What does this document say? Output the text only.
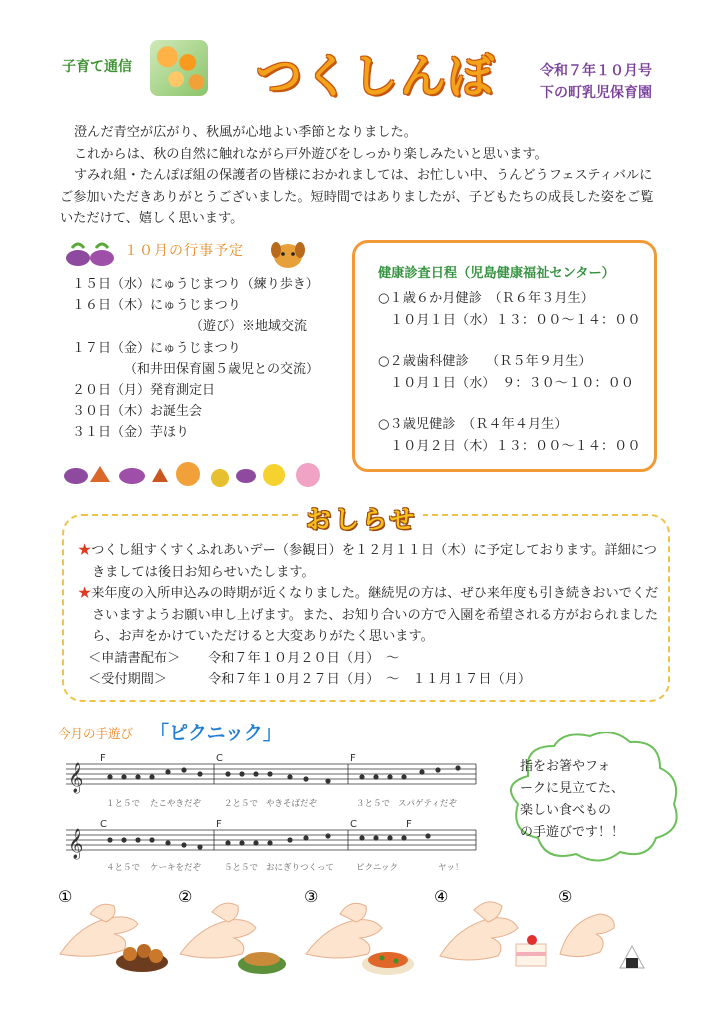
子育て通信	つくしんぼ	令和７年１０月号
下の町乳児保育園

澄んだ青空が広がり、秋風が心地よい季節となりました。

これからは、秋の自然に触れながら戸外遊びをしっかり楽しみたいと思います。

すみれ組・たんぽぽ組の保護者の皆様におかれましては、お忙しい中、うんどうフェスティバルに

ご参加いただきありがとうございました。短時間ではありましたが、子どもたちの成長した姿をご覧

いただけて、嬉しく思います。

１０月の行事予定
１５日（水）にゅうじまつり（練り歩き）
１６日（木）にゅうじまつり
（遊び）※地域交流
１７日（金）にゅうじまつり
（和井田保育園５歳児との交流）
２０日（月）発育測定日
３０日（木）お誕生会
３１日（金）芋ほり
健康診査日程（児島健康福祉センター）
○１歳６か月健診　（Ｒ６年３月生）
１０月１日（水）１３：００～１４：００
○２歳歯科健診　 （Ｒ５年９月生）
１０月１日（水）　９：３０～１０：００
○３歳児健診　（Ｒ４年４月生）
１０月２日（木）１３：００～１４：００
おしらせ

★つくし組すくすくふれあいデー（参観日）を１２月１１日（木）に予定しております。詳細につきましては後日お知らせいたします。

★来年度の入所申込みの時期が近くなりました。継続児の方は、ぜひ来年度も引き続きおいでくださいますようお願い申し上げます。また、お知り合いの方で入園を希望される方がおられましたら、お声をかけていただけると大変ありがたく思います。

＜申請書配布＞ 令和７年１０月２０日（月）　～
＜受付期間＞	令和７年１０月２７日（月）　～　１１月１７日（月）
今月の手遊び 「ピクニック」
𝄞
𝄞
F	C	F
C	F	C	F
１と５で たこやきだぞ	２と５で やきそばだぞ	３と５で スパゲティだぞ
４と５で ケーキをだぞ	５と５で おにぎりつくって	ピクニック	ヤッ！
指をお箸やフォ
ークに見立てた、
楽しい食べもの
の手遊びです！！
①	②	③	④	⑤
